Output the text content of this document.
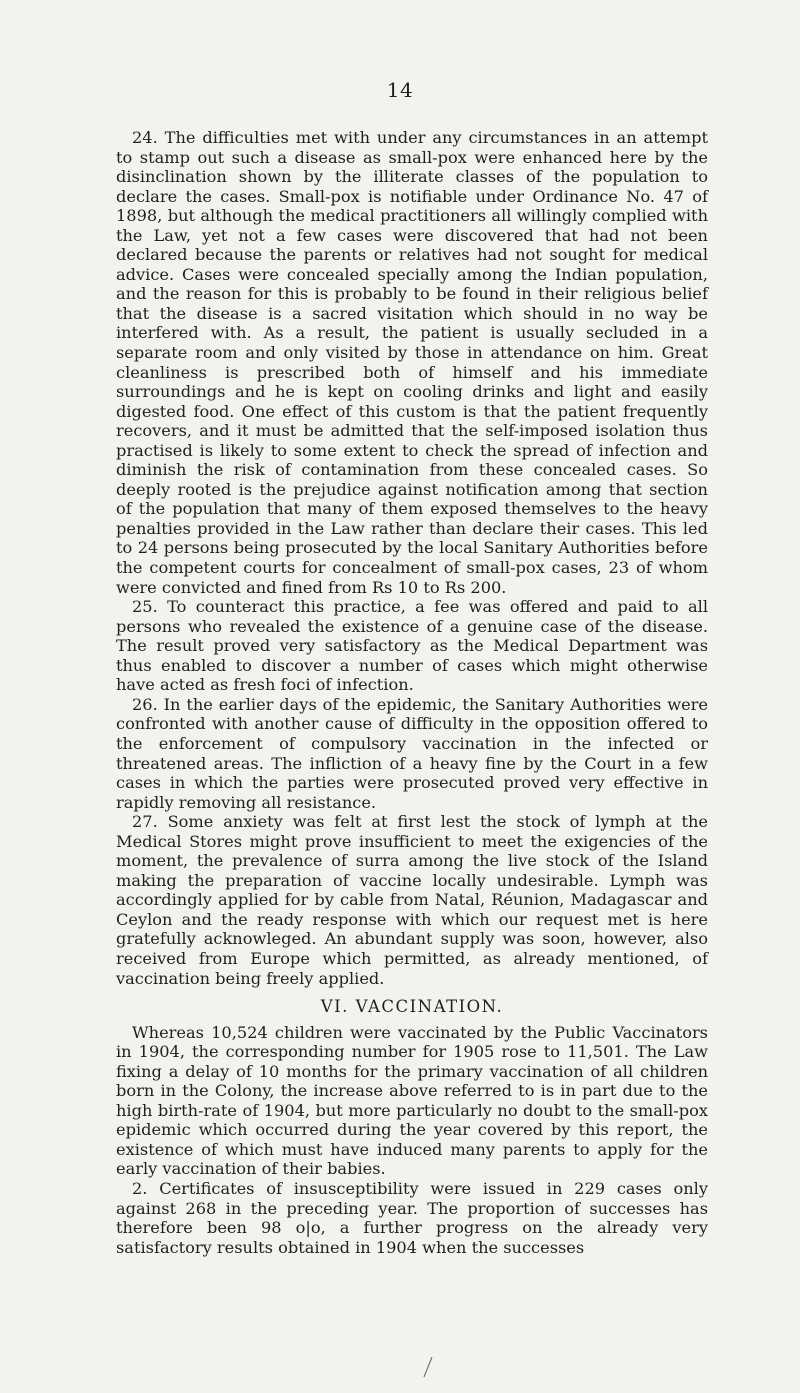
14

24. The difficulties met with under any circumstances in an attempt to stamp out such a disease as small-pox were enhanced here by the disinclination shown by the illiterate classes of the population to declare the cases. Small-pox is notifiable under Ordinance No. 47 of 1898, but although the medical practitioners all willingly complied with the Law, yet not a few cases were discovered that had not been declared because the parents or relatives had not sought for medical advice. Cases were concealed specially among the Indian population, and the reason for this is probably to be found in their religious belief that the disease is a sacred visitation which should in no way be interfered with. As a result, the patient is usually secluded in a separate room and only visited by those in attendance on him. Great cleanliness is prescribed both of himself and his immediate surroundings and he is kept on cooling drinks and light and easily digested food. One effect of this custom is that the patient frequently recovers, and it must be admitted that the self-imposed isolation thus practised is likely to some extent to check the spread of infection and diminish the risk of contamination from these concealed cases. So deeply rooted is the prejudice against notification among that section of the population that many of them exposed themselves to the heavy penalties provided in the Law rather than declare their cases. This led to 24 persons being prosecuted by the local Sanitary Authorities before the competent courts for concealment of small-pox cases, 23 of whom were convicted and fined from Rs 10 to Rs 200.

25. To counteract this practice, a fee was offered and paid to all persons who revealed the existence of a genuine case of the disease. The result proved very satisfactory as the Medical Department was thus enabled to discover a number of cases which might otherwise have acted as fresh foci of infection.

26. In the earlier days of the epidemic, the Sanitary Authorities were confronted with another cause of difficulty in the opposition offered to the enforcement of compulsory vaccination in the infected or threatened areas. The infliction of a heavy fine by the Court in a few cases in which the parties were prosecuted proved very effective in rapidly removing all resistance.

27. Some anxiety was felt at first lest the stock of lymph at the Medical Stores might prove insufficient to meet the exigencies of the moment, the prevalence of surra among the live stock of the Island making the preparation of vaccine locally undesirable. Lymph was accordingly applied for by cable from Natal, Réunion, Madagascar and Ceylon and the ready response with which our request met is here gratefully acknowleged. An abundant supply was soon, however, also received from Europe which permitted, as already mentioned, of vaccination being freely applied.

VI. VACCINATION.

Whereas 10,524 children were vaccinated by the Public Vaccinators in 1904, the corresponding number for 1905 rose to 11,501. The Law fixing a delay of 10 months for the primary vaccination of all children born in the Colony, the increase above referred to is in part due to the high birth-rate of 1904, but more particularly no doubt to the small-pox epidemic which occurred during the year covered by this report, the existence of which must have induced many parents to apply for the early vaccination of their babies.

2. Certificates of insusceptibility were issued in 229 cases only against 268 in the preceding year. The proportion of successes has therefore been 98 o|o, a further progress on the already very satisfactory results obtained in 1904 when the successes
